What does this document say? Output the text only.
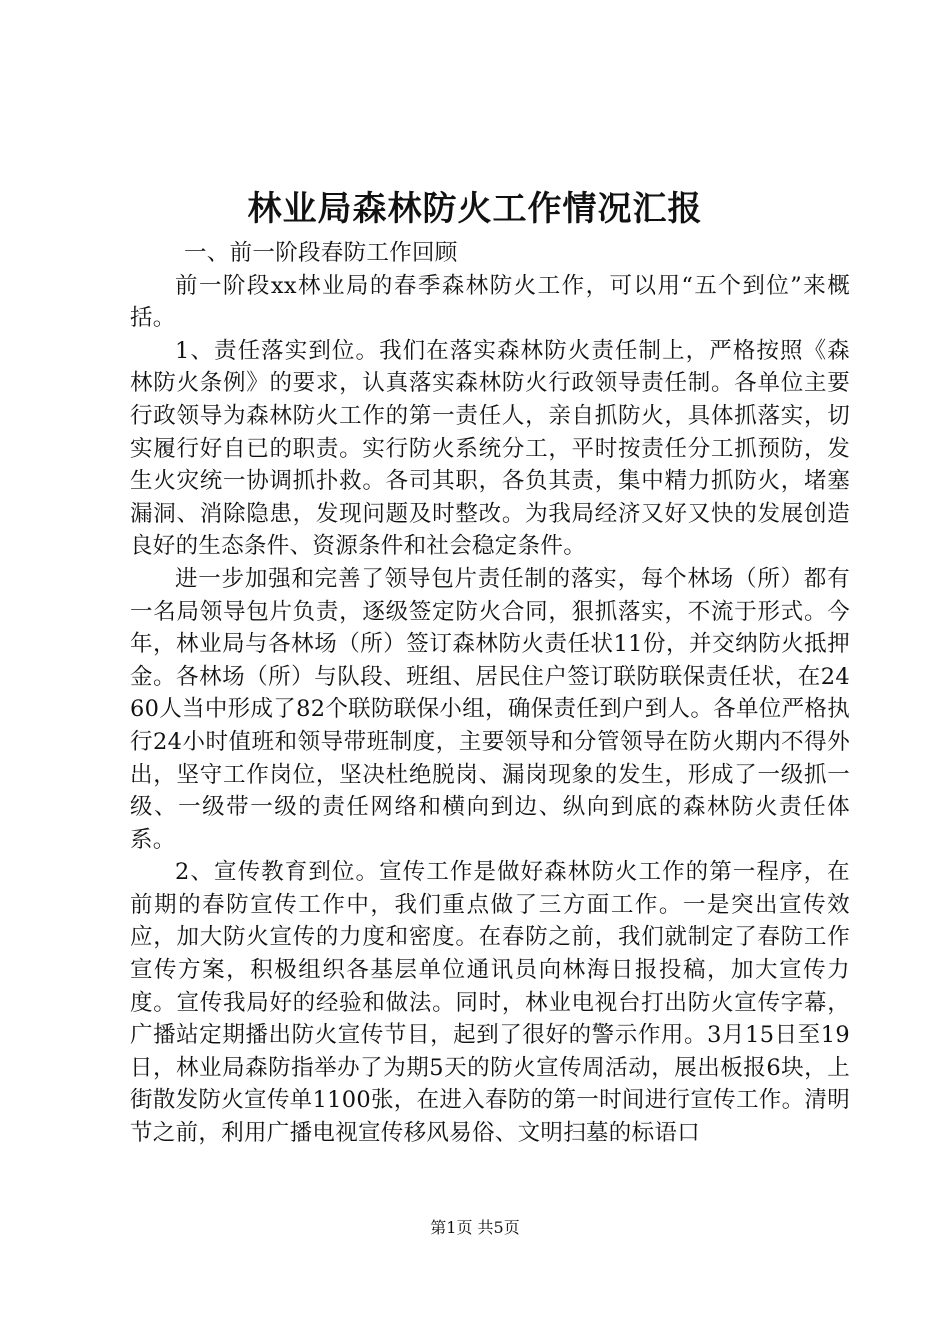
林业局森林防火工作情况汇报

一、前一阶段春防工作回顾

前一阶段xx林业局的春季森林防火工作，可以用“五个到位”来概括。

1、责任落实到位。我们在落实森林防火责任制上，严格按照《森林防火条例》的要求，认真落实森林防火行政领导责任制。各单位主要行政领导为森林防火工作的第一责任人，亲自抓防火，具体抓落实，切实履行好自已的职责。实行防火系统分工，平时按责任分工抓预防，发生火灾统一协调抓扑救。各司其职，各负其责，集中精力抓防火，堵塞漏洞、消除隐患，发现问题及时整改。为我局经济又好又快的发展创造良好的生态条件、资源条件和社会稳定条件。

进一步加强和完善了领导包片责任制的落实，每个林场（所）都有一名局领导包片负责，逐级签定防火合同，狠抓落实，不流于形式。今年，林业局与各林场（所）签订森林防火责任状11份，并交纳防火抵押金。各林场（所）与队段、班组、居民住户签订联防联保责任状，在2460人当中形成了82个联防联保小组，确保责任到户到人。各单位严格执行24小时值班和领导带班制度，主要领导和分管领导在防火期内不得外出，坚守工作岗位，坚决杜绝脱岗、漏岗现象的发生，形成了一级抓一级、一级带一级的责任网络和横向到边、纵向到底的森林防火责任体系。

2、宣传教育到位。宣传工作是做好森林防火工作的第一程序，在前期的春防宣传工作中，我们重点做了三方面工作。一是突出宣传效应，加大防火宣传的力度和密度。在春防之前，我们就制定了春防工作宣传方案，积极组织各基层单位通讯员向林海日报投稿，加大宣传力度。宣传我局好的经验和做法。同时，林业电视台打出防火宣传字幕，广播站定期播出防火宣传节目，起到了很好的警示作用。3月15日至19日，林业局森防指举办了为期5天的防火宣传周活动，展出板报6块，上街散发防火宣传单1100张，在进入春防的第一时间进行宣传工作。清明节之前，利用广播电视宣传移风易俗、文明扫墓的标语口

第1页 共5页
